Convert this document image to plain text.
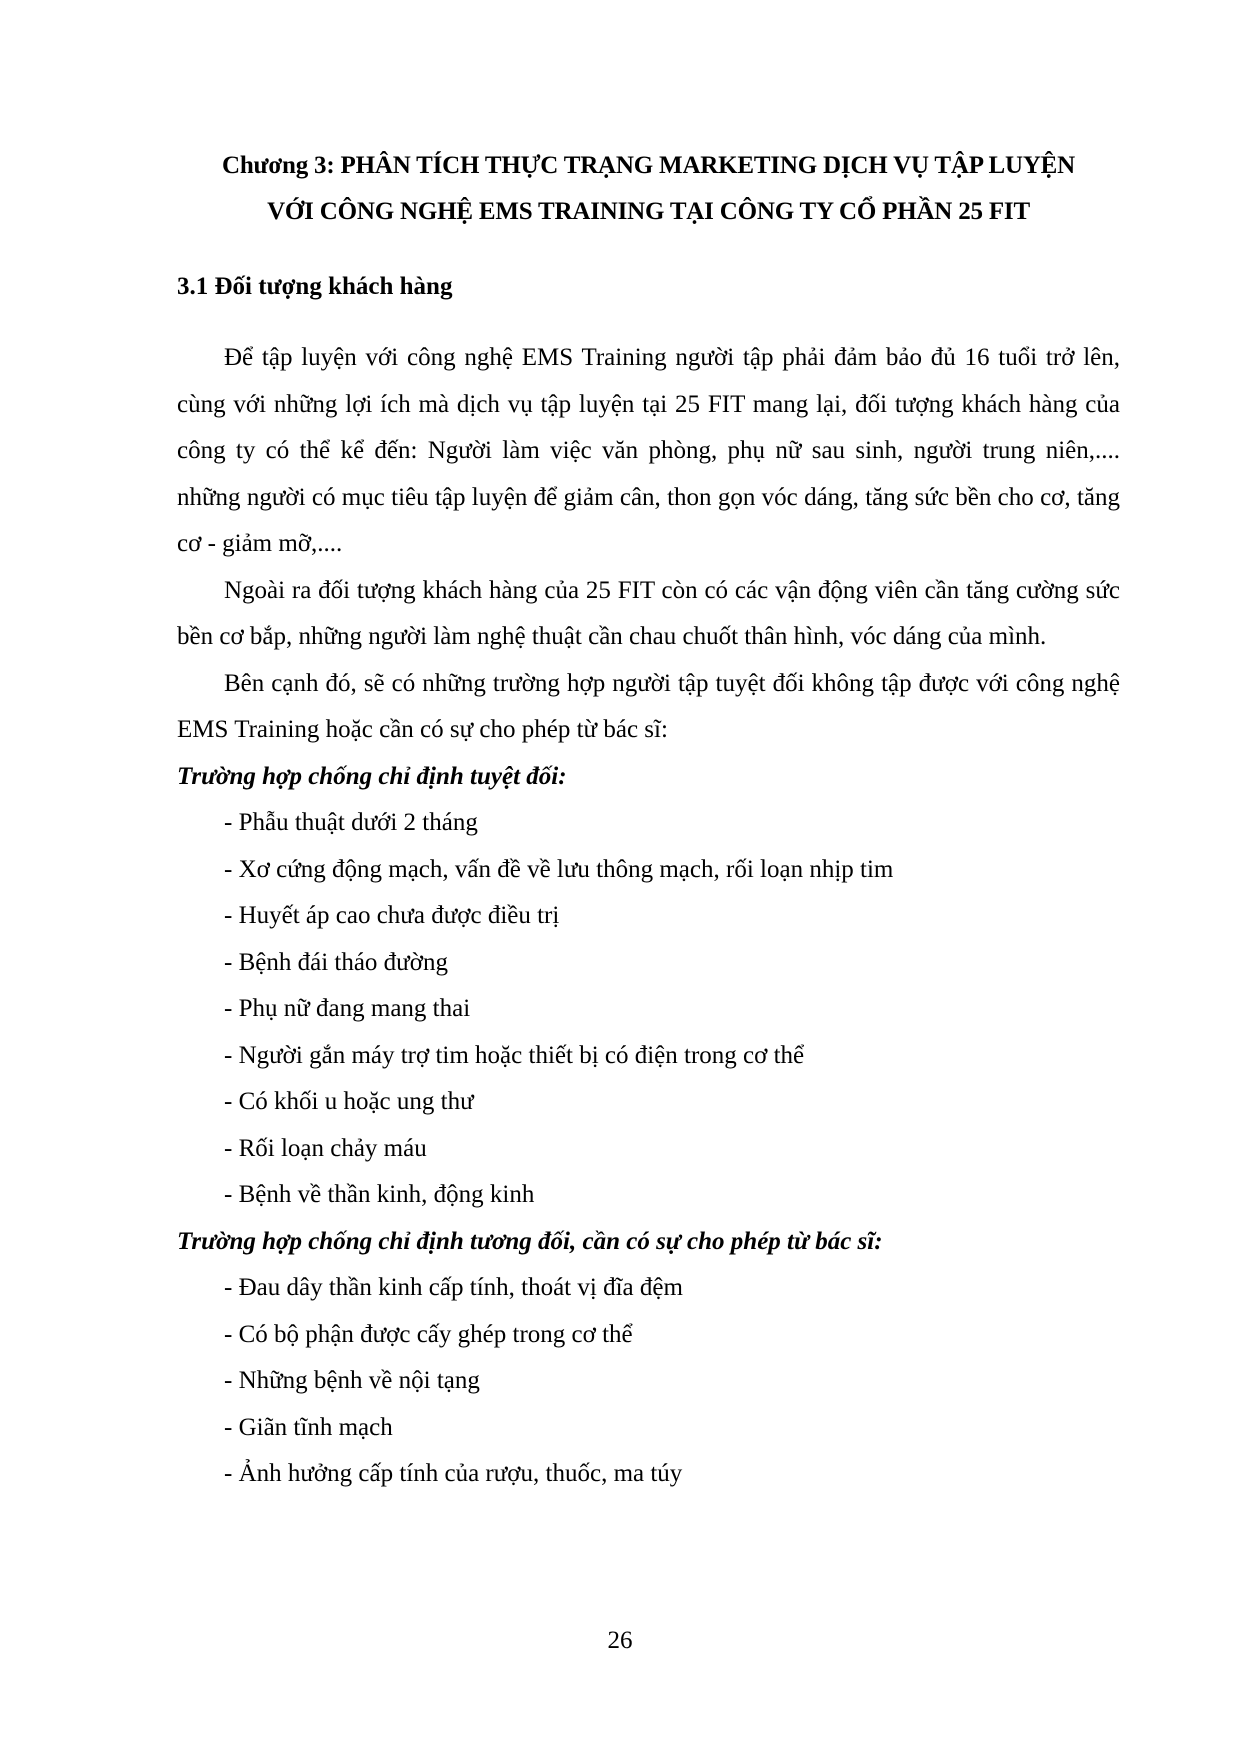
Chương 3: PHÂN TÍCH THỰC TRẠNG MARKETING DỊCH VỤ TẬP LUYỆN
VỚI CÔNG NGHỆ EMS TRAINING TẠI CÔNG TY CỔ PHẦN 25 FIT
3.1 Đối tượng khách hàng

Để tập luyện với công nghệ EMS Training người tập phải đảm bảo đủ 16 tuổi trở lên, cùng với những lợi ích mà dịch vụ tập luyện tại 25 FIT mang lại, đối tượng khách hàng của công ty có thể kể đến: Người làm việc văn phòng, phụ nữ sau sinh, người trung niên,.... những người có mục tiêu tập luyện để giảm cân, thon gọn vóc dáng, tăng sức bền cho cơ, tăng cơ - giảm mỡ,....

Ngoài ra đối tượng khách hàng của 25 FIT còn có các vận động viên cần tăng cường sức bền cơ bắp, những người làm nghệ thuật cần chau chuốt thân hình, vóc dáng của mình.

Bên cạnh đó, sẽ có những trường hợp người tập tuyệt đối không tập được với công nghệ EMS Training hoặc cần có sự cho phép từ bác sĩ:

Trường hợp chống chỉ định tuyệt đối:

- Phẫu thuật dưới 2 tháng
- Xơ cứng động mạch, vấn đề về lưu thông mạch, rối loạn nhịp tim
- Huyết áp cao chưa được điều trị
- Bệnh đái tháo đường
- Phụ nữ đang mang thai
- Người gắn máy trợ tim hoặc thiết bị có điện trong cơ thể
- Có khối u hoặc ung thư
- Rối loạn chảy máu
- Bệnh về thần kinh, động kinh

Trường hợp chống chỉ định tương đối, cần có sự cho phép từ bác sĩ:

- Đau dây thần kinh cấp tính, thoát vị đĩa đệm
- Có bộ phận được cấy ghép trong cơ thể
- Những bệnh về nội tạng
- Giãn tĩnh mạch
- Ảnh hưởng cấp tính của rượu, thuốc, ma túy
26
